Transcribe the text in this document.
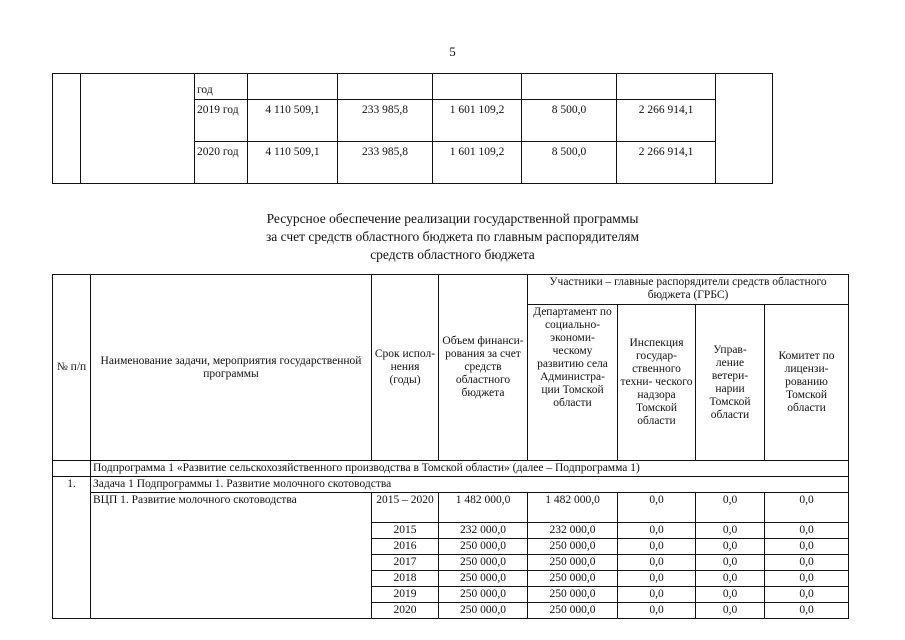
5
		год						
		2019 год	4 110 509,1	233 985,8	1 601 109,2	8 500,0	2 266 914,1	
		2020 год	4 110 509,1	233 985,8	1 601 109,2	8 500,0	2 266 914,1	
Ресурсное обеспечение реализации государственной программы
за счет средств областного бюджета по главным распорядителям
средств областного бюджета
№ п/п	Наименование задачи, мероприятия государственной программы	Срок испол- нения (годы)	Объем финанси- рования за счет средств областного бюджета	Участники – главные распорядители средств областного бюджета (ГРБС)			
				Департамент по социально- экономи- ческому развитию села Администра- ции Томской области	Инспекция государ- ственного техни- ческого надзора Томской области	Управ- ление ветери- нарии Томской области	Комитет по лицензи- рованию Томской области
	Подпрограмма 1 «Развитие сельскохозяйственного производства в Томской области» (далее – Подпрограмма 1)						
1.	Задача 1 Подпрограммы 1. Развитие молочного скотоводства						
	ВЦП 1. Развитие молочного скотоводства	2015 – 2020	1 482 000,0	1 482 000,0	0,0	0,0	0,0
		2015	232 000,0	232 000,0	0,0	0,0	0,0
		2016	250 000,0	250 000,0	0,0	0,0	0,0
		2017	250 000,0	250 000,0	0,0	0,0	0,0
		2018	250 000,0	250 000,0	0,0	0,0	0,0
		2019	250 000,0	250 000,0	0,0	0,0	0,0
		2020	250 000,0	250 000,0	0,0	0,0	0,0
